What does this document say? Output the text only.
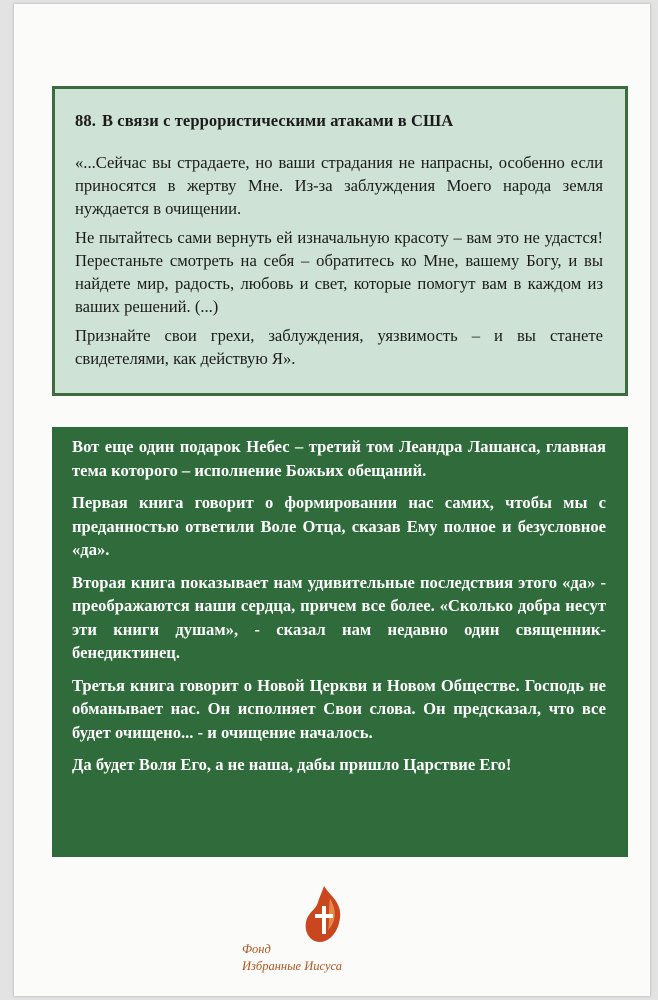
88. В связи с террористическими атаками в США

«...Сейчас вы страдаете, но ваши страдания не напрасны, особенно если приносятся в жертву Мне. Из-за заблуждения Моего народа земля нуждается в очищении.

Не пытайтесь сами вернуть ей изначальную красоту – вам это не удастся! Перестаньте смотреть на себя – обратитесь ко Мне, вашему Богу, и вы найдете мир, радость, любовь и свет, которые помогут вам в каждом из ваших решений. (...)

Признайте свои грехи, заблуждения, уязвимость – и вы станете свидетелями, как действую Я».

Вот еще один подарок Небес – третий том Леандра Лашанса, главная тема которого – исполнение Божьих обещаний.

Первая книга говорит о формировании нас самих, чтобы мы с преданностью ответили Воле Отца, сказав Ему полное и безусловное «да».

Вторая книга показывает нам удивительные последствия этого «да» - преображаются наши сердца, причем все более. «Сколько добра несут эти книги душам», - сказал нам недавно один священник-бенедиктинец.

Третья книга говорит о Новой Церкви и Новом Обществе. Господь не обманывает нас. Он исполняет Свои слова. Он предсказал, что все будет очищено... - и очищение началось.

Да будет Воля Его, а не наша, дабы пришло Царствие Его!

Фонд
Избранные Иисуса
